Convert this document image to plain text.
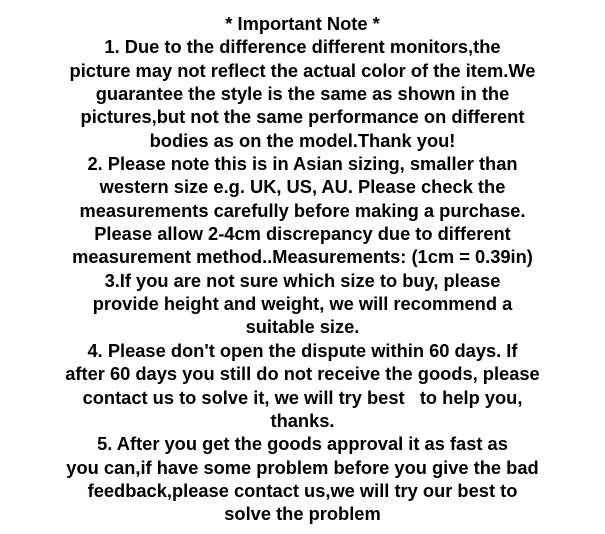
* Important Note *
1. Due to the difference different monitors,the
picture may not reflect the actual color of the item.We
guarantee the style is the same as shown in the
pictures,but not the same performance on different
bodies as on the model.Thank you!
2. Please note this is in Asian sizing, smaller than
western size e.g. UK, US, AU. Please check the
measurements carefully before making a purchase.
Please allow 2-4cm discrepancy due to different
measurement method..Measurements: (1cm = 0.39in)
3.If you are not sure which size to buy, please
provide height and weight, we will recommend a
suitable size.
4. Please don't open the dispute within 60 days. If
after 60 days you still do not receive the goods, please
contact us to solve it, we will try best   to help you,
thanks.
5. After you get the goods approval it as fast as
you can,if have some problem before you give the bad
feedback,please contact us,we will try our best to
solve the problem
